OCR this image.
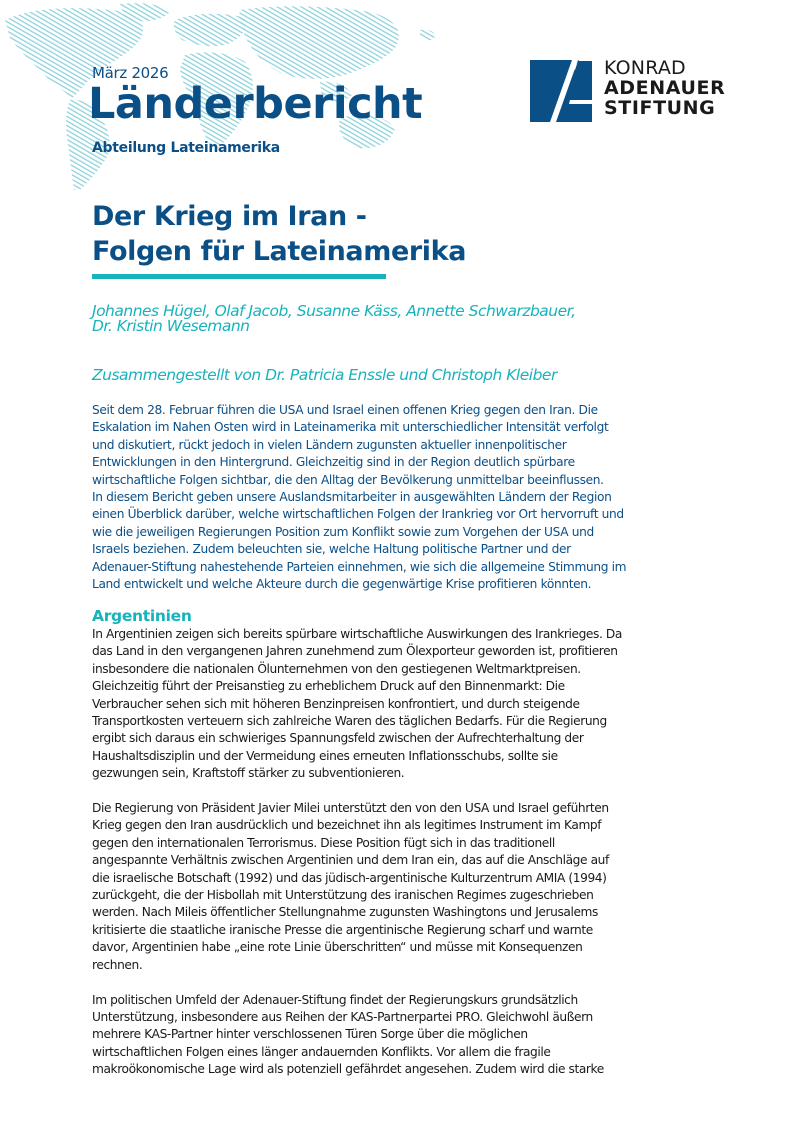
März 2026
Länderbericht
Abteilung Lateinamerika
KONRAD
ADENAUER
STIFTUNG
Der Krieg im Iran -
Folgen für Lateinamerika
Johannes Hügel, Olaf Jacob, Susanne Käss, Annette Schwarzbauer,
Dr. Kristin Wesemann
Zusammengestellt von Dr. Patricia Enssle und Christoph Kleiber

Seit dem 28. Februar führen die USA und Israel einen offenen Krieg gegen den Iran. Die
Eskalation im Nahen Osten wird in Lateinamerika mit unterschiedlicher Intensität verfolgt
und diskutiert, rückt jedoch in vielen Ländern zugunsten aktueller innenpolitischer
Entwicklungen in den Hintergrund. Gleichzeitig sind in der Region deutlich spürbare
wirtschaftliche Folgen sichtbar, die den Alltag der Bevölkerung unmittelbar beeinflussen.
In diesem Bericht geben unsere Auslandsmitarbeiter in ausgewählten Ländern der Region
einen Überblick darüber, welche wirtschaftlichen Folgen der Irankrieg vor Ort hervorruft und
wie die jeweiligen Regierungen Position zum Konflikt sowie zum Vorgehen der USA und
Israels beziehen. Zudem beleuchten sie, welche Haltung politische Partner und der
Adenauer-Stiftung nahestehende Parteien einnehmen, wie sich die allgemeine Stimmung im
Land entwickelt und welche Akteure durch die gegenwärtige Krise profitieren könnten.

Argentinien

In Argentinien zeigen sich bereits spürbare wirtschaftliche Auswirkungen des Irankrieges. Da
das Land in den vergangenen Jahren zunehmend zum Ölexporteur geworden ist, profitieren
insbesondere die nationalen Ölunternehmen von den gestiegenen Weltmarktpreisen.
Gleichzeitig führt der Preisanstieg zu erheblichem Druck auf den Binnenmarkt: Die
Verbraucher sehen sich mit höheren Benzinpreisen konfrontiert, und durch steigende
Transportkosten verteuern sich zahlreiche Waren des täglichen Bedarfs. Für die Regierung
ergibt sich daraus ein schwieriges Spannungsfeld zwischen der Aufrechterhaltung der
Haushaltsdisziplin und der Vermeidung eines erneuten Inflationsschubs, sollte sie
gezwungen sein, Kraftstoff stärker zu subventionieren.

Die Regierung von Präsident Javier Milei unterstützt den von den USA und Israel geführten
Krieg gegen den Iran ausdrücklich und bezeichnet ihn als legitimes Instrument im Kampf
gegen den internationalen Terrorismus. Diese Position fügt sich in das traditionell
angespannte Verhältnis zwischen Argentinien und dem Iran ein, das auf die Anschläge auf
die israelische Botschaft (1992) und das jüdisch-argentinische Kulturzentrum AMIA (1994)
zurückgeht, die der Hisbollah mit Unterstützung des iranischen Regimes zugeschrieben
werden. Nach Mileis öffentlicher Stellungnahme zugunsten Washingtons und Jerusalems
kritisierte die staatliche iranische Presse die argentinische Regierung scharf und warnte
davor, Argentinien habe „eine rote Linie überschritten“ und müsse mit Konsequenzen
rechnen.

Im politischen Umfeld der Adenauer-Stiftung findet der Regierungskurs grundsätzlich
Unterstützung, insbesondere aus Reihen der KAS-Partnerpartei PRO. Gleichwohl äußern
mehrere KAS-Partner hinter verschlossenen Türen Sorge über die möglichen
wirtschaftlichen Folgen eines länger andauernden Konflikts. Vor allem die fragile
makroökonomische Lage wird als potenziell gefährdet angesehen. Zudem wird die starke
